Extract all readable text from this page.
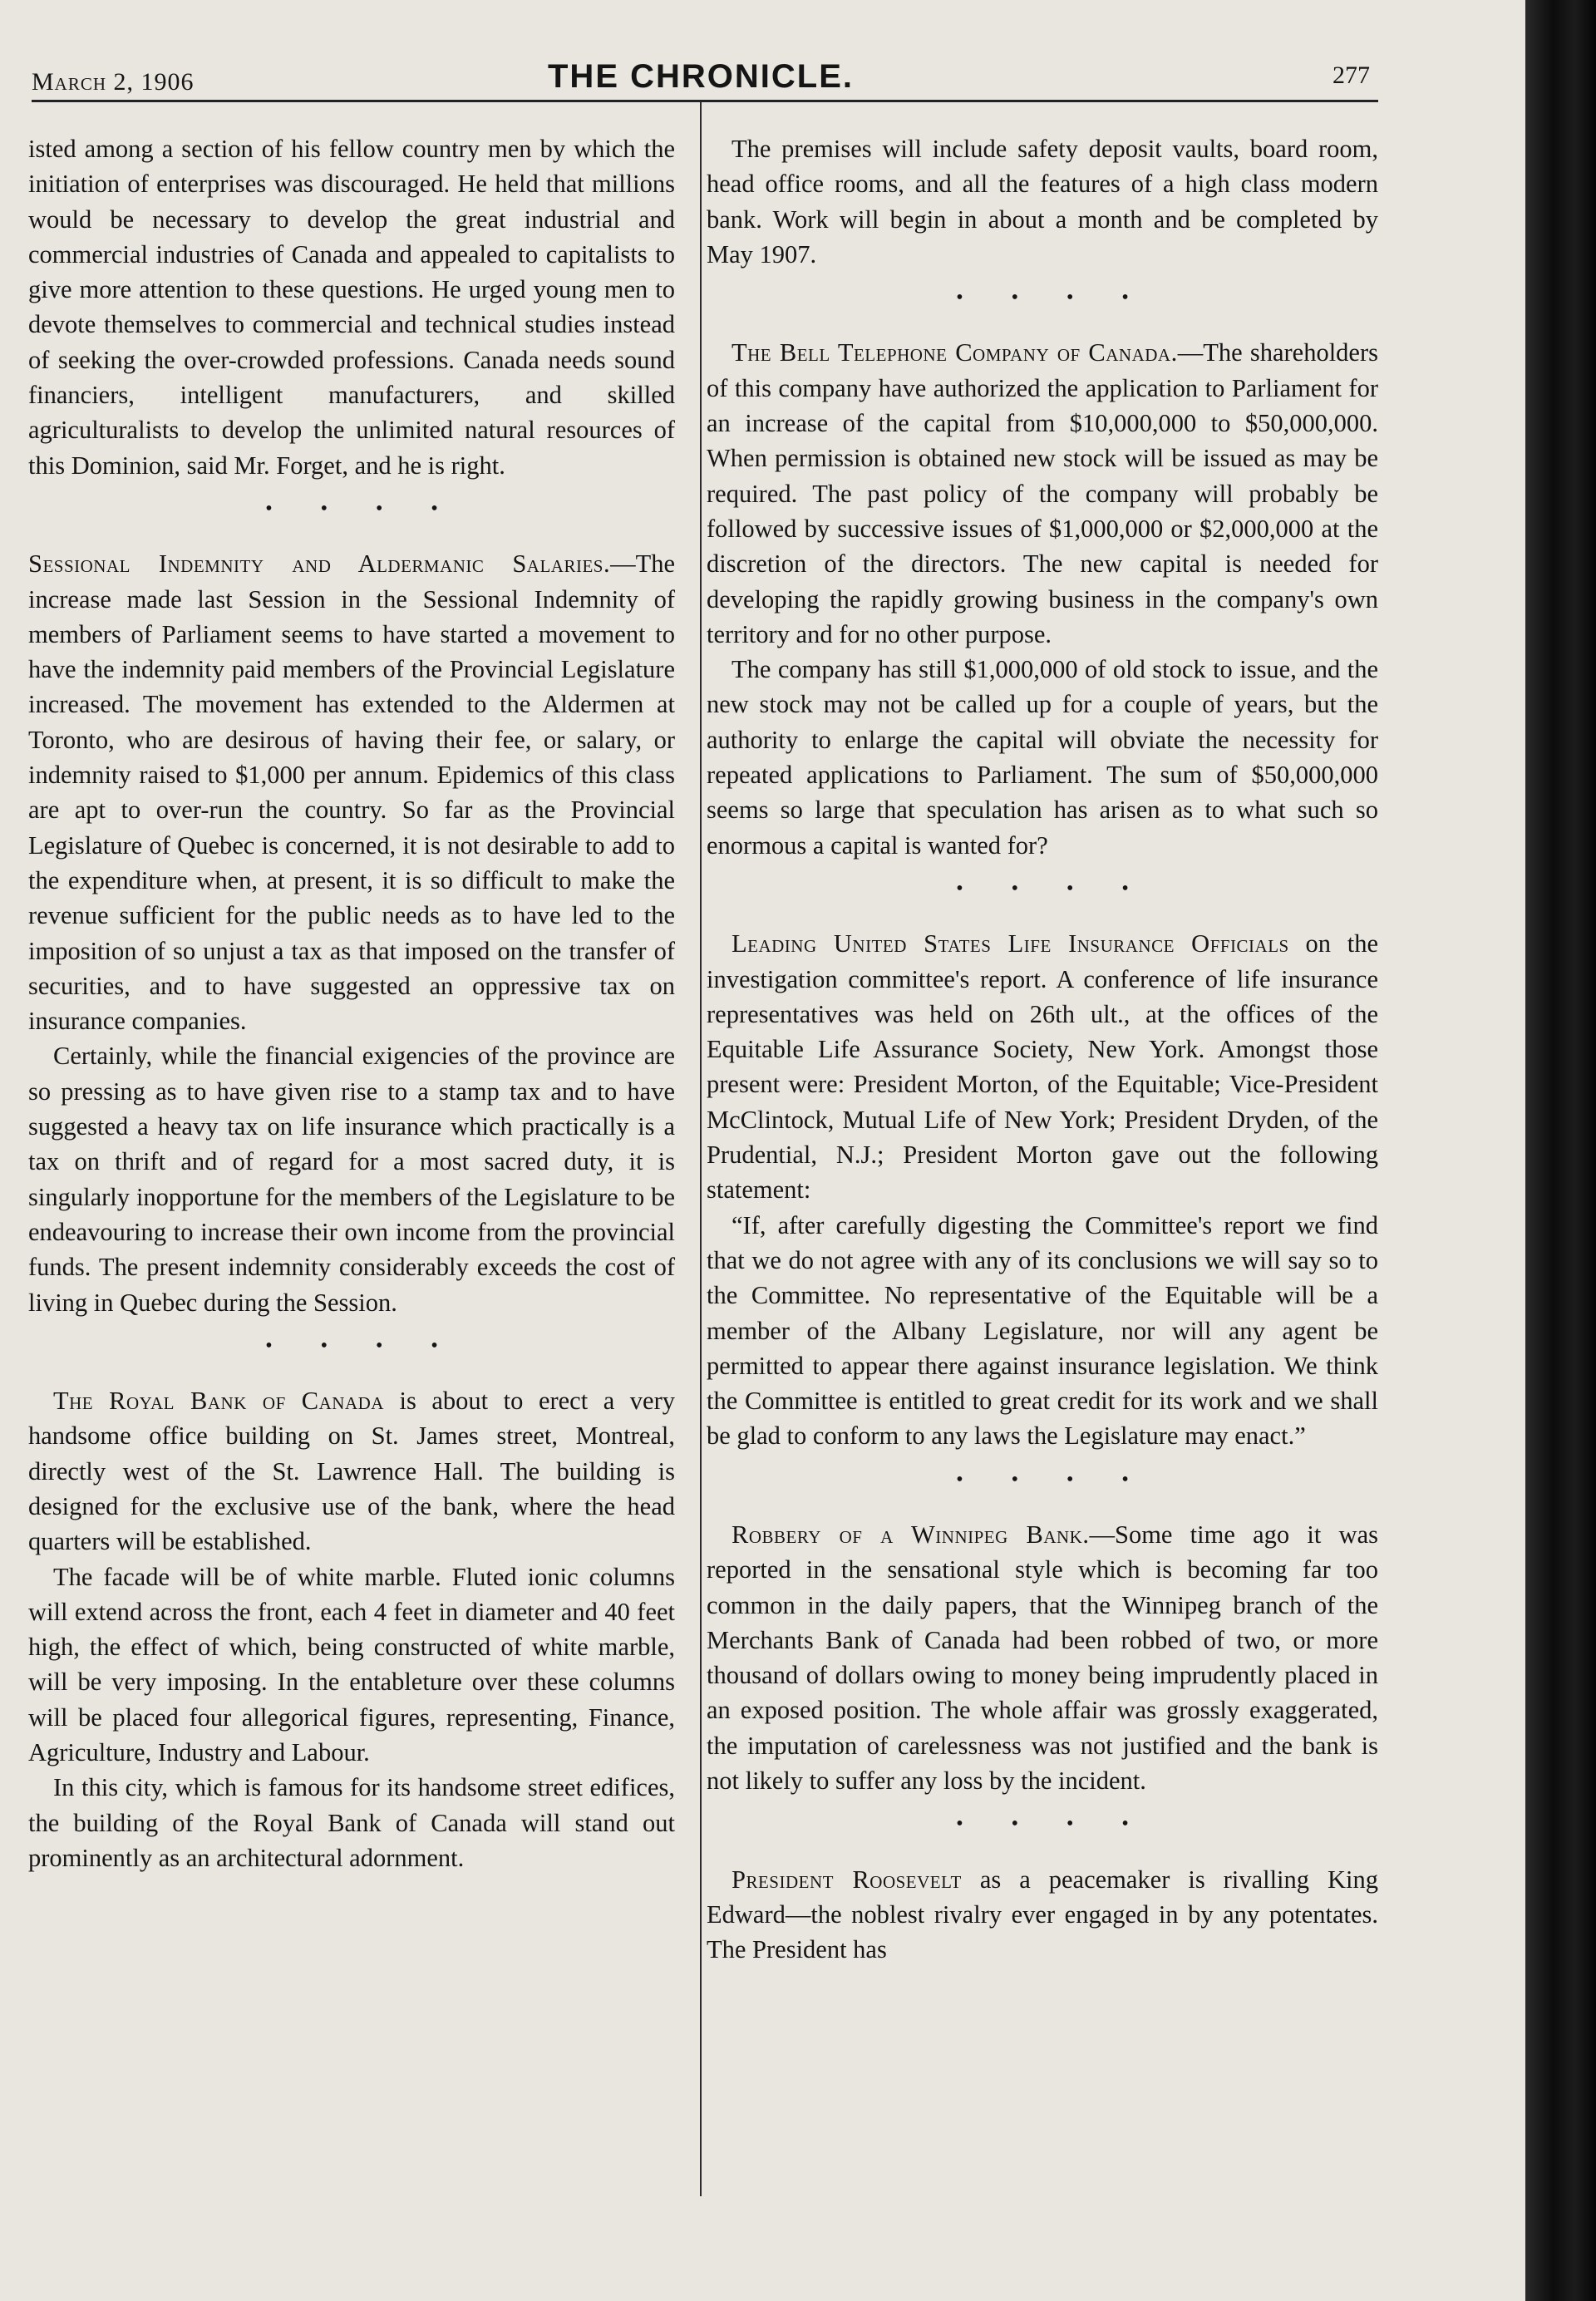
March 2, 1906	THE CHRONICLE.	277

isted among a section of his fellow country men by which the initiation of enterprises was discouraged. He held that millions would be necessary to develop the great industrial and commercial industries of Canada and appealed to capitalists to give more attention to these questions. He urged young men to devote themselves to commercial and technical studies instead of seeking the over-crowded professions. Canada needs sound financiers, intelligent manufacturers, and skilled agriculturalists to develop the unlimited natural resources of this Dominion, said Mr. Forget, and he is right.

• • • •

Sessional Indemnity and Aldermanic Salaries.—The increase made last Session in the Sessional Indemnity of members of Parliament seems to have started a movement to have the indemnity paid members of the Provincial Legislature increased. The movement has extended to the Aldermen at Toronto, who are desirous of having their fee, or salary, or indemnity raised to $1,000 per annum. Epidemics of this class are apt to over-run the country. So far as the Provincial Legislature of Quebec is concerned, it is not desirable to add to the expenditure when, at present, it is so difficult to make the revenue sufficient for the public needs as to have led to the imposition of so unjust a tax as that imposed on the transfer of securities, and to have suggested an oppressive tax on insurance companies.

Certainly, while the financial exigencies of the province are so pressing as to have given rise to a stamp tax and to have suggested a heavy tax on life insurance which practically is a tax on thrift and of regard for a most sacred duty, it is singularly inopportune for the members of the Legislature to be endeavouring to increase their own income from the provincial funds. The present indemnity considerably exceeds the cost of living in Quebec during the Session.

• • • •

The Royal Bank of Canada is about to erect a very handsome office building on St. James street, Montreal, directly west of the St. Lawrence Hall. The building is designed for the exclusive use of the bank, where the head quarters will be established.

The facade will be of white marble. Fluted ionic columns will extend across the front, each 4 feet in diameter and 40 feet high, the effect of which, being constructed of white marble, will be very imposing. In the entableture over these columns will be placed four allegorical figures, representing, Finance, Agriculture, Industry and Labour.

In this city, which is famous for its handsome street edifices, the building of the Royal Bank of Canada will stand out prominently as an architectural adornment.

The premises will include safety deposit vaults, board room, head office rooms, and all the features of a high class modern bank. Work will begin in about a month and be completed by May 1907.

• • • •

The Bell Telephone Company of Canada.—The shareholders of this company have authorized the application to Parliament for an increase of the capital from $10,000,000 to $50,000,000. When permission is obtained new stock will be issued as may be required. The past policy of the company will probably be followed by successive issues of $1,000,000 or $2,000,000 at the discretion of the directors. The new capital is needed for developing the rapidly growing business in the company's own territory and for no other purpose.

The company has still $1,000,000 of old stock to issue, and the new stock may not be called up for a couple of years, but the authority to enlarge the capital will obviate the necessity for repeated applications to Parliament. The sum of $50,000,000 seems so large that speculation has arisen as to what such so enormous a capital is wanted for?

• • • •

Leading United States Life Insurance Officials on the investigation committee's report. A conference of life insurance representatives was held on 26th ult., at the offices of the Equitable Life Assurance Society, New York. Amongst those present were: President Morton, of the Equitable; Vice-President McClintock, Mutual Life of New York; President Dryden, of the Prudential, N.J.; President Morton gave out the following statement:

“If, after carefully digesting the Committee's report we find that we do not agree with any of its conclusions we will say so to the Committee. No representative of the Equitable will be a member of the Albany Legislature, nor will any agent be permitted to appear there against insurance legislation. We think the Committee is entitled to great credit for its work and we shall be glad to conform to any laws the Legislature may enact.”

• • • •

Robbery of a Winnipeg Bank.—Some time ago it was reported in the sensational style which is becoming far too common in the daily papers, that the Winnipeg branch of the Merchants Bank of Canada had been robbed of two, or more thousand of dollars owing to money being imprudently placed in an exposed position. The whole affair was grossly exaggerated, the imputation of carelessness was not justified and the bank is not likely to suffer any loss by the incident.

• • • •

President Roosevelt as a peacemaker is rivalling King Edward—the noblest rivalry ever engaged in by any potentates. The President has
